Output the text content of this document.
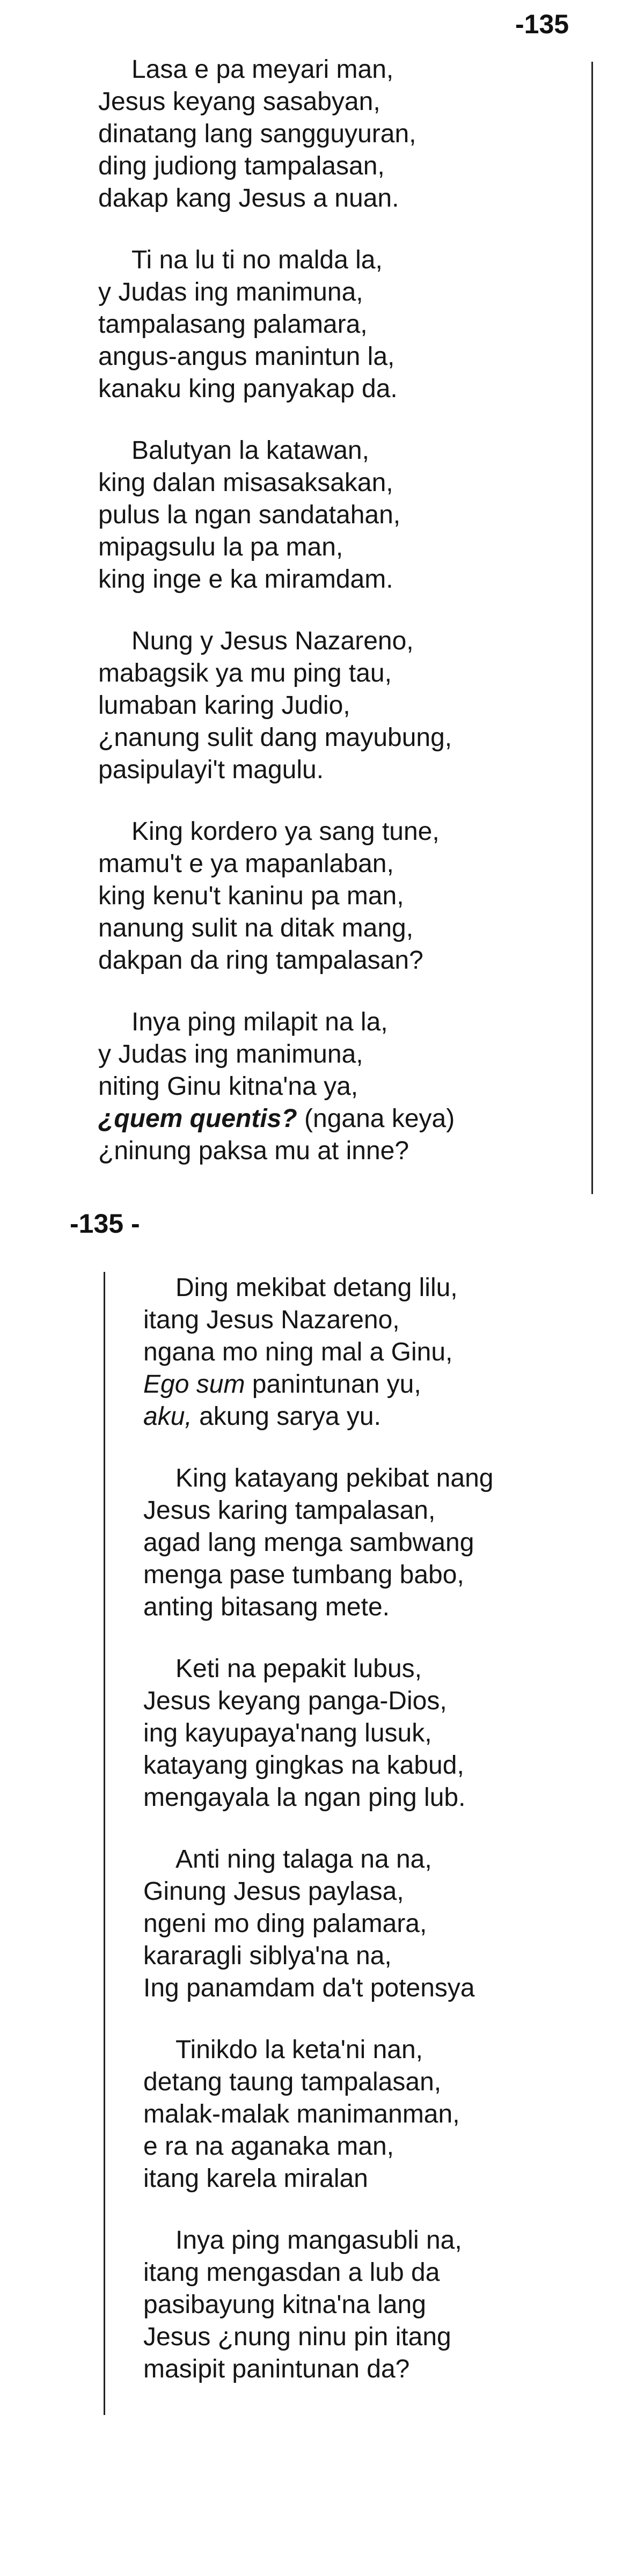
-135
Lasa e pa meyari man,
Jesus keyang sasabyan,
dinatang lang sangguyuran,
ding judiong tampalasan,
dakap kang Jesus a nuan.
Ti na lu ti no malda la,
y Judas ing manimuna,
tampalasang palamara,
angus-angus manintun la,
kanaku king panyakap da.
Balutyan la katawan,
king dalan misasaksakan,
pulus la ngan sandatahan,
mipagsulu la pa man,
king inge e ka miramdam.
Nung y Jesus Nazareno,
mabagsik ya mu ping tau,
lumaban karing Judio,
¿nanung sulit dang mayubung,
pasipulayi't magulu.
King kordero ya sang tune,
mamu't e ya mapanlaban,
king kenu't kaninu pa man,
nanung sulit na ditak mang,
dakpan da ring tampalasan?
Inya ping milapit na la,
y Judas ing manimuna,
niting Ginu kitna'na ya,
¿quem quentis? (ngana keya)
¿ninung paksa mu at inne?
-135 -
Ding mekibat detang lilu,
itang Jesus Nazareno,
ngana mo ning mal a Ginu,
Ego sum panintunan yu,
aku, akung sarya yu.
King katayang pekibat nang
Jesus karing tampalasan,
agad lang menga sambwang
menga pase tumbang babo,
anting bitasang mete.
Keti na pepakit lubus,
Jesus keyang panga-Dios,
ing kayupaya'nang lusuk,
katayang gingkas na kabud,
mengayala la ngan ping lub.
Anti ning talaga na na,
Ginung Jesus paylasa,
ngeni mo ding palamara,
kararagli siblya'na na,
Ing panamdam da't potensya
Tinikdo la keta'ni nan,
detang taung tampalasan,
malak-malak manimanman,
e ra na aganaka man,
itang karela miralan
Inya ping mangasubli na,
itang mengasdan a lub da
pasibayung kitna'na lang
Jesus ¿nung ninu pin itang
masipit panintunan da?
